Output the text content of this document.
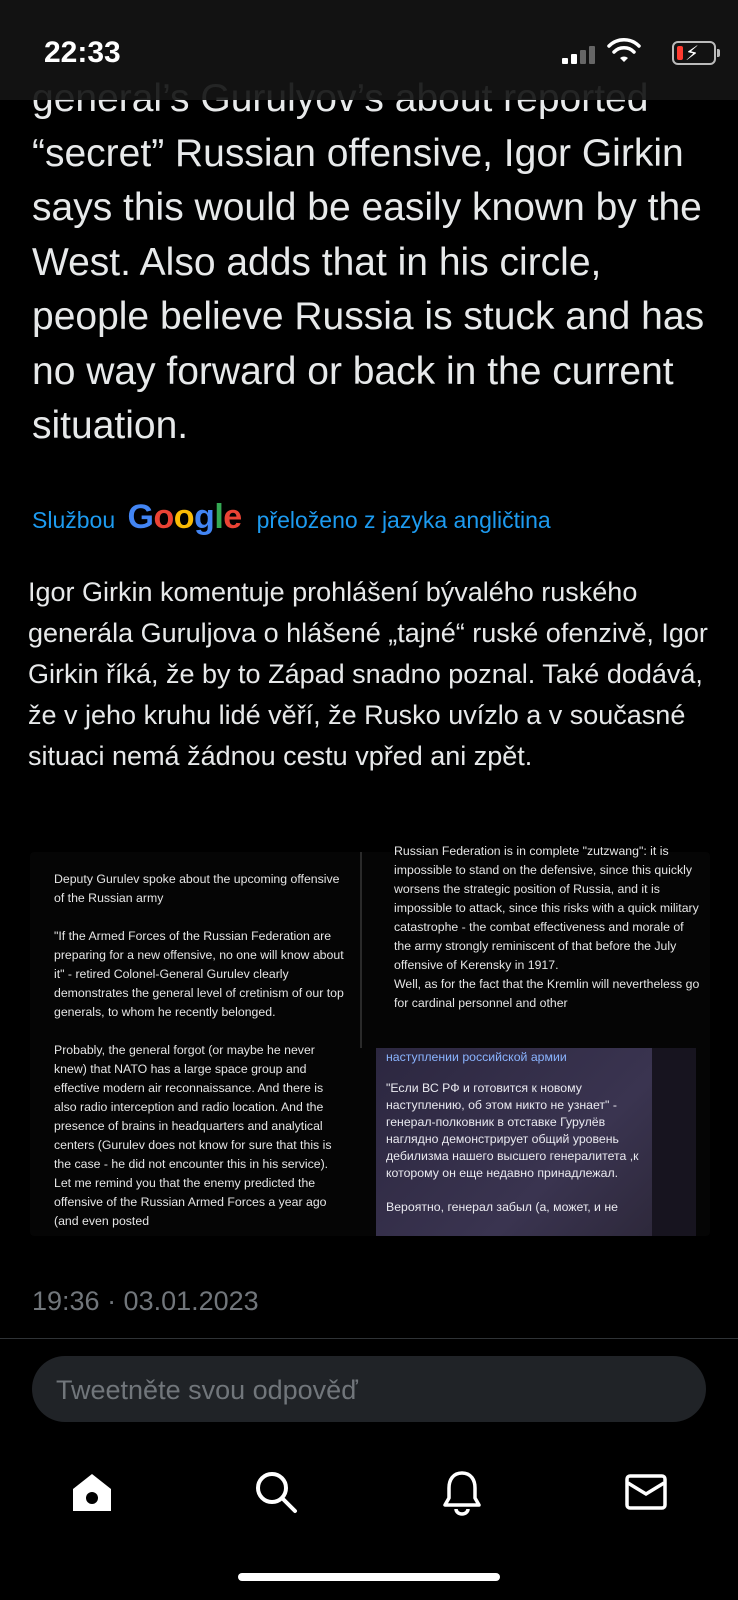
22:33	⚡
“secret” Russian offensive, Igor Girkin says this would be easily known by the West. Also adds that in his circle, people believe Russia is stuck and has no way forward or back in the current situation.
Službou Google přeloženo z jazyka angličtina
Igor Girkin komentuje prohlášení bývalého ruského generála Guruljova o hlášené „tajné“ ruské ofenzivě, Igor Girkin říká, že by to Západ snadno poznal. Také dodává, že v jeho kruhu lidé věří, že Rusko uvízlo a v současné situaci nemá žádnou cestu vpřed ani zpět.
Deputy Gurulev spoke about the upcoming offensive of the Russian army

"If the Armed Forces of the Russian Federation are preparing for a new offensive, no one will know about it" - retired Colonel-General Gurulev clearly demonstrates the general level of cretinism of our top generals, to whom he recently belonged.

Probably, the general forgot (or maybe he never knew) that NATO has a large space group and effective modern air reconnaissance. And there is also radio interception and radio location. And the presence of brains in headquarters and analytical centers (Gurulev does not know for sure that this is the case - he did not encounter this in his service). Let me remind you that the enemy predicted the offensive of the Russian Armed Forces a year ago (and even posted
Russian Federation is in complete "zutzwang": it is impossible to stand on the defensive, since this quickly worsens the strategic position of Russia, and it is impossible to attack, since this risks with a quick military catastrophe - the combat effectiveness and morale of the army strongly reminiscent of that before the July offensive of Kerensky in 1917.
Well, as for the fact that the Kremlin will nevertheless go for cardinal personnel and other
наступлении российской армии
"Если ВС РФ и готовится к новому наступлению, об этом никто не узнает" - генерал-полковник в отставке Гурулёв наглядно демонстрирует общий уровень дебилизма нашего высшего генералитета ,к которому он еще недавно принадлежал.

Вероятно, генерал забыл (а, может, и не
19:36 · 03.01.2023
Tweetněte svou odpověď
